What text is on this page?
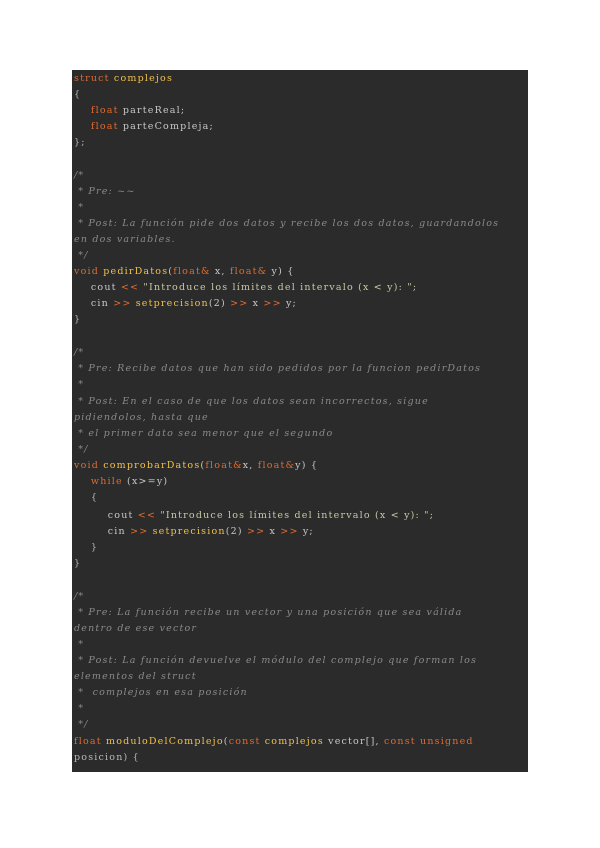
struct complejos
{
float parteReal;
float parteCompleja;
};
/*
* Pre: ~~
*
* Post: La función pide dos datos y recibe los dos datos, guardandolos
en dos variables.
*/
void pedirDatos(float& x, float& y) {
cout << "Introduce los límites del intervalo (x < y): ";
cin >> setprecision(2) >> x >> y;
}
/*
* Pre: Recibe datos que han sido pedidos por la funcion pedirDatos
*
* Post: En el caso de que los datos sean incorrectos, sigue
pidiendolos, hasta que
* el primer dato sea menor que el segundo
*/
void comprobarDatos(float&x, float&y) {
while (x>=y)
{
cout << "Introduce los límites del intervalo (x < y): ";
cin >> setprecision(2) >> x >> y;
}
}
/*
* Pre: La función recibe un vector y una posición que sea válida
dentro de ese vector
*
* Post: La función devuelve el módulo del complejo que forman los
elementos del struct
*  complejos en esa posición
*
*/
float moduloDelComplejo(const complejos vector[], const unsigned
posicion) {
